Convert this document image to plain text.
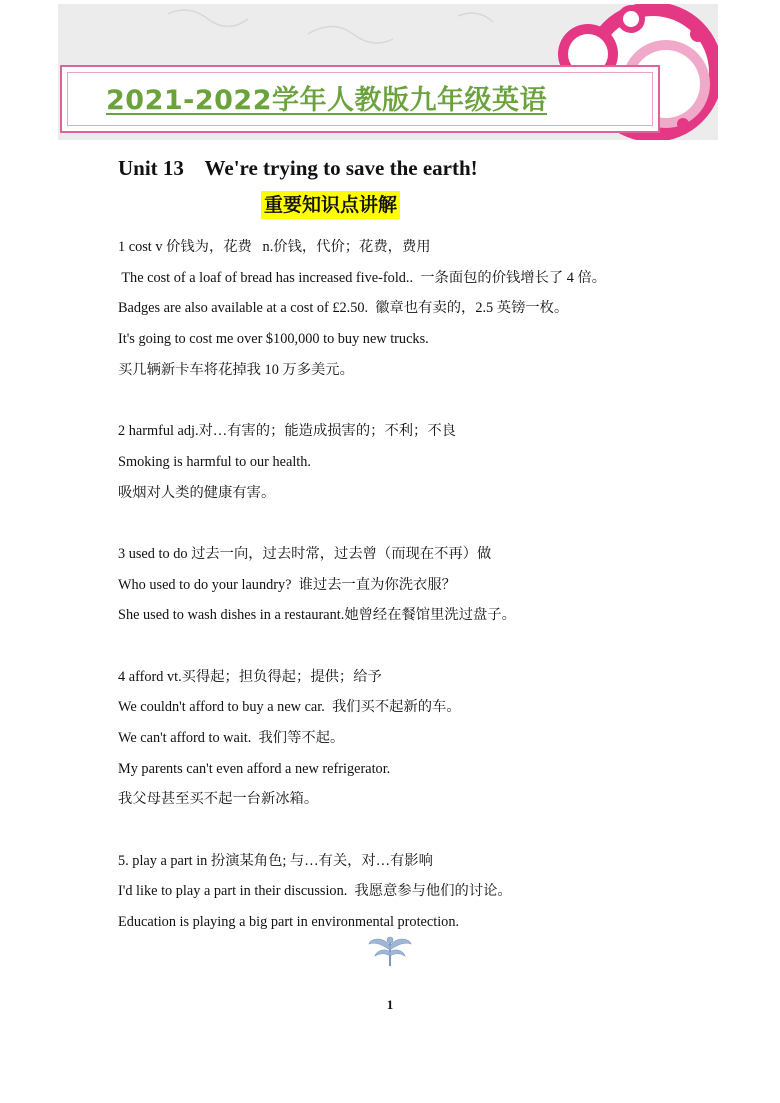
2021-2022学年人教版九年级英语
Unit 13    We're trying to save the earth!
重要知识点讲解
1 cost v 价钱为，花费   n.价钱，代价；花费，费用
The cost of a loaf of bread has increased five-fold..  一条面包的价钱增长了 4 倍。
Badges are also available at a cost of £2.50.  徽章也有卖的，2.5 英镑一枚。
It's going to cost me over $100,000 to buy new trucks.
买几辆新卡车将花掉我 10 万多美元。
2 harmful adj.对…有害的；能造成损害的；不利；不良
Smoking is harmful to our health.
吸烟对人类的健康有害。
3 used to do 过去一向，过去时常，过去曾（而现在不再）做
Who used to do your laundry?  谁过去一直为你洗衣服？
She used to wash dishes in a restaurant.她曾经在餐馆里洗过盘子。
4 afford vt.买得起；担负得起；提供；给予
We couldn't afford to buy a new car.  我们买不起新的车。
We can't afford to wait.  我们等不起。
My parents can't even afford a new refrigerator.
我父母甚至买不起一台新冰箱。
5. play a part in 扮演某角色; 与…有关，对…有影响
I'd like to play a part in their discussion.  我愿意参与他们的讨论。
Education is playing a big part in environmental protection.
1
